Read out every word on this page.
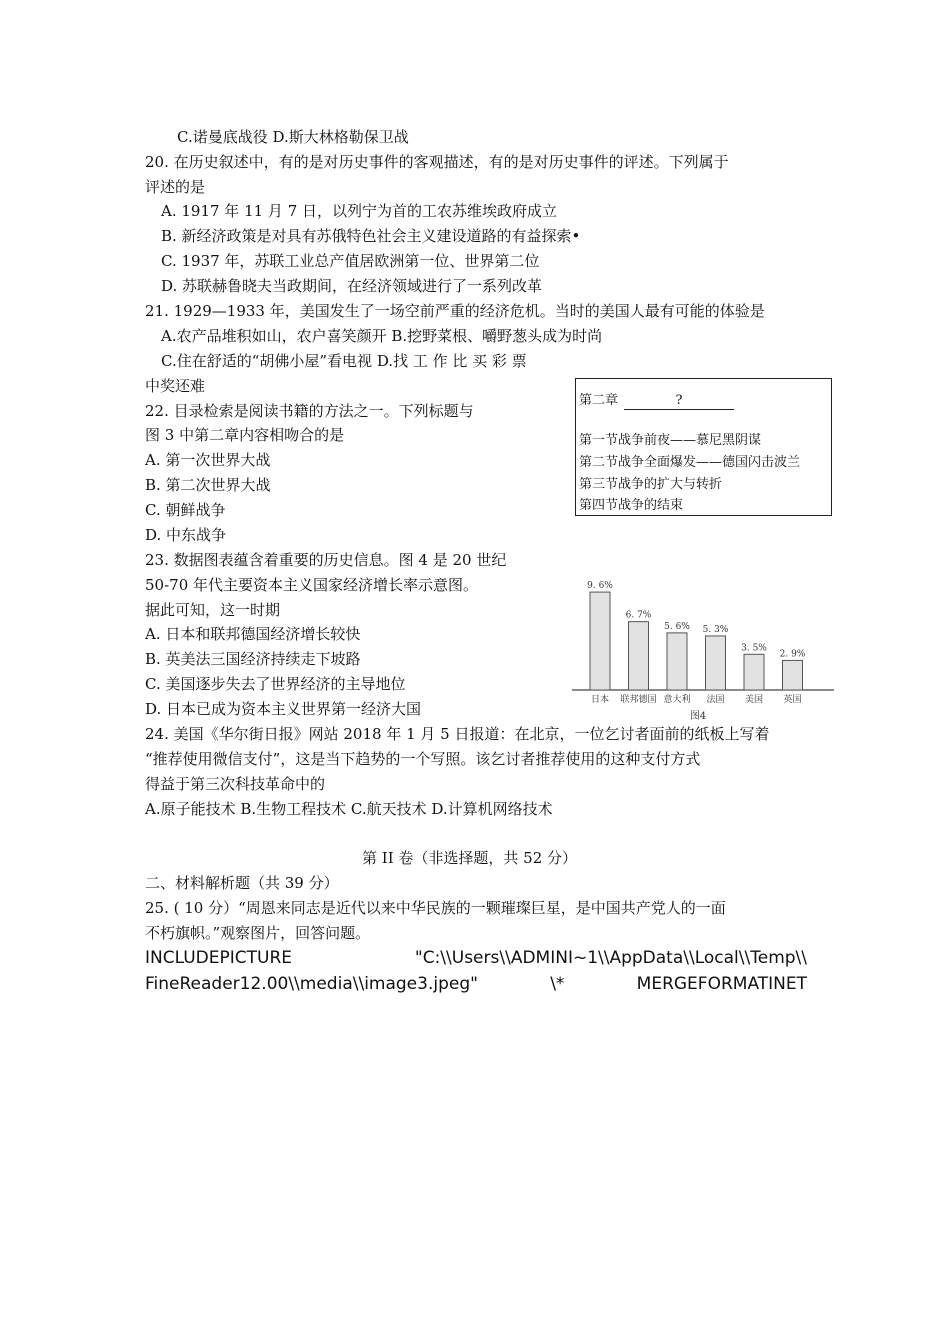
C.诺曼底战役 D.斯大林格勒保卫战
20. 在历史叙述中，有的是对历史事件的客观描述，有的是对历史事件的评述。下列属于
评述的是
A. 1917 年 11 月 7 日，以列宁为首的工农苏维埃政府成立
B. 新经济政策是对具有苏俄特色社会主义建设道路的有益探索•
C. 1937 年，苏联工业总产值居欧洲第一位、世界第二位
D. 苏联赫鲁晓夫当政期间，在经济领域进行了一系列改革
21. 1929—1933 年，美国发生了一场空前严重的经济危机。当时的美国人最有可能的体验是
A.农产品堆积如山，农户喜笑颜开 B.挖野菜根、嚼野葱头成为时尚
C.住在舒适的“胡佛小屋”看电视 D.找 工 作 比 买 彩 票
中奖还难
22. 目录检索是阅读书籍的方法之一。下列标题与
图 3 中第二章内容相吻合的是
A. 第一次世界大战
B. 第二次世界大战
C. 朝鲜战争
D. 中东战争
23. 数据图表蕴含着重要的历史信息。图 4 是 20 世纪
50-70 年代主要资本主义国家经济增长率示意图。
据此可知，这一时期
A. 日本和联邦德国经济增长较快
B. 英美法三国经济持续走下坡路
C. 美国逐步失去了世界经济的主导地位
D. 日本已成为资本主义世界第一经济大国
24. 美国《华尔街日报》网站 2018 年 1 月 5 日报道：在北京，一位乞讨者面前的纸板上写着
“推荐使用微信支付”，这是当下趋势的一个写照。该乞讨者推荐使用的这种支付方式
得益于第三次科技革命中的
A.原子能技术 B.生物工程技术 C.航天技术 D.计算机网络技术
第 II 卷（非选择题，共 52 分）
二、材料解析题（共 39 分）
25. ( 10 分）“周恩来同志是近代以来中华民族的一颗璀璨巨星，是中国共产党人的一面
不朽旗帜。”观察图片，回答问题。
第二章	?
第一节战争前夜——慕尼黑阴谋
第二节战争全面爆发——德国闪击波兰
第三节战争的扩大与转折
第四节战争的结束
9. 6%
日本
6. 7%
联邦德国
5. 6%
意大利
5. 3%
法国
3. 5%
美国
2. 9%
英国
图4
INCLUDEPICTURE "C:\\Users\\ADMINI~1\\AppData\\Local\\Temp\\
FineReader12.00\\media\\image3.jpeg" \* MERGEFORMATINET
